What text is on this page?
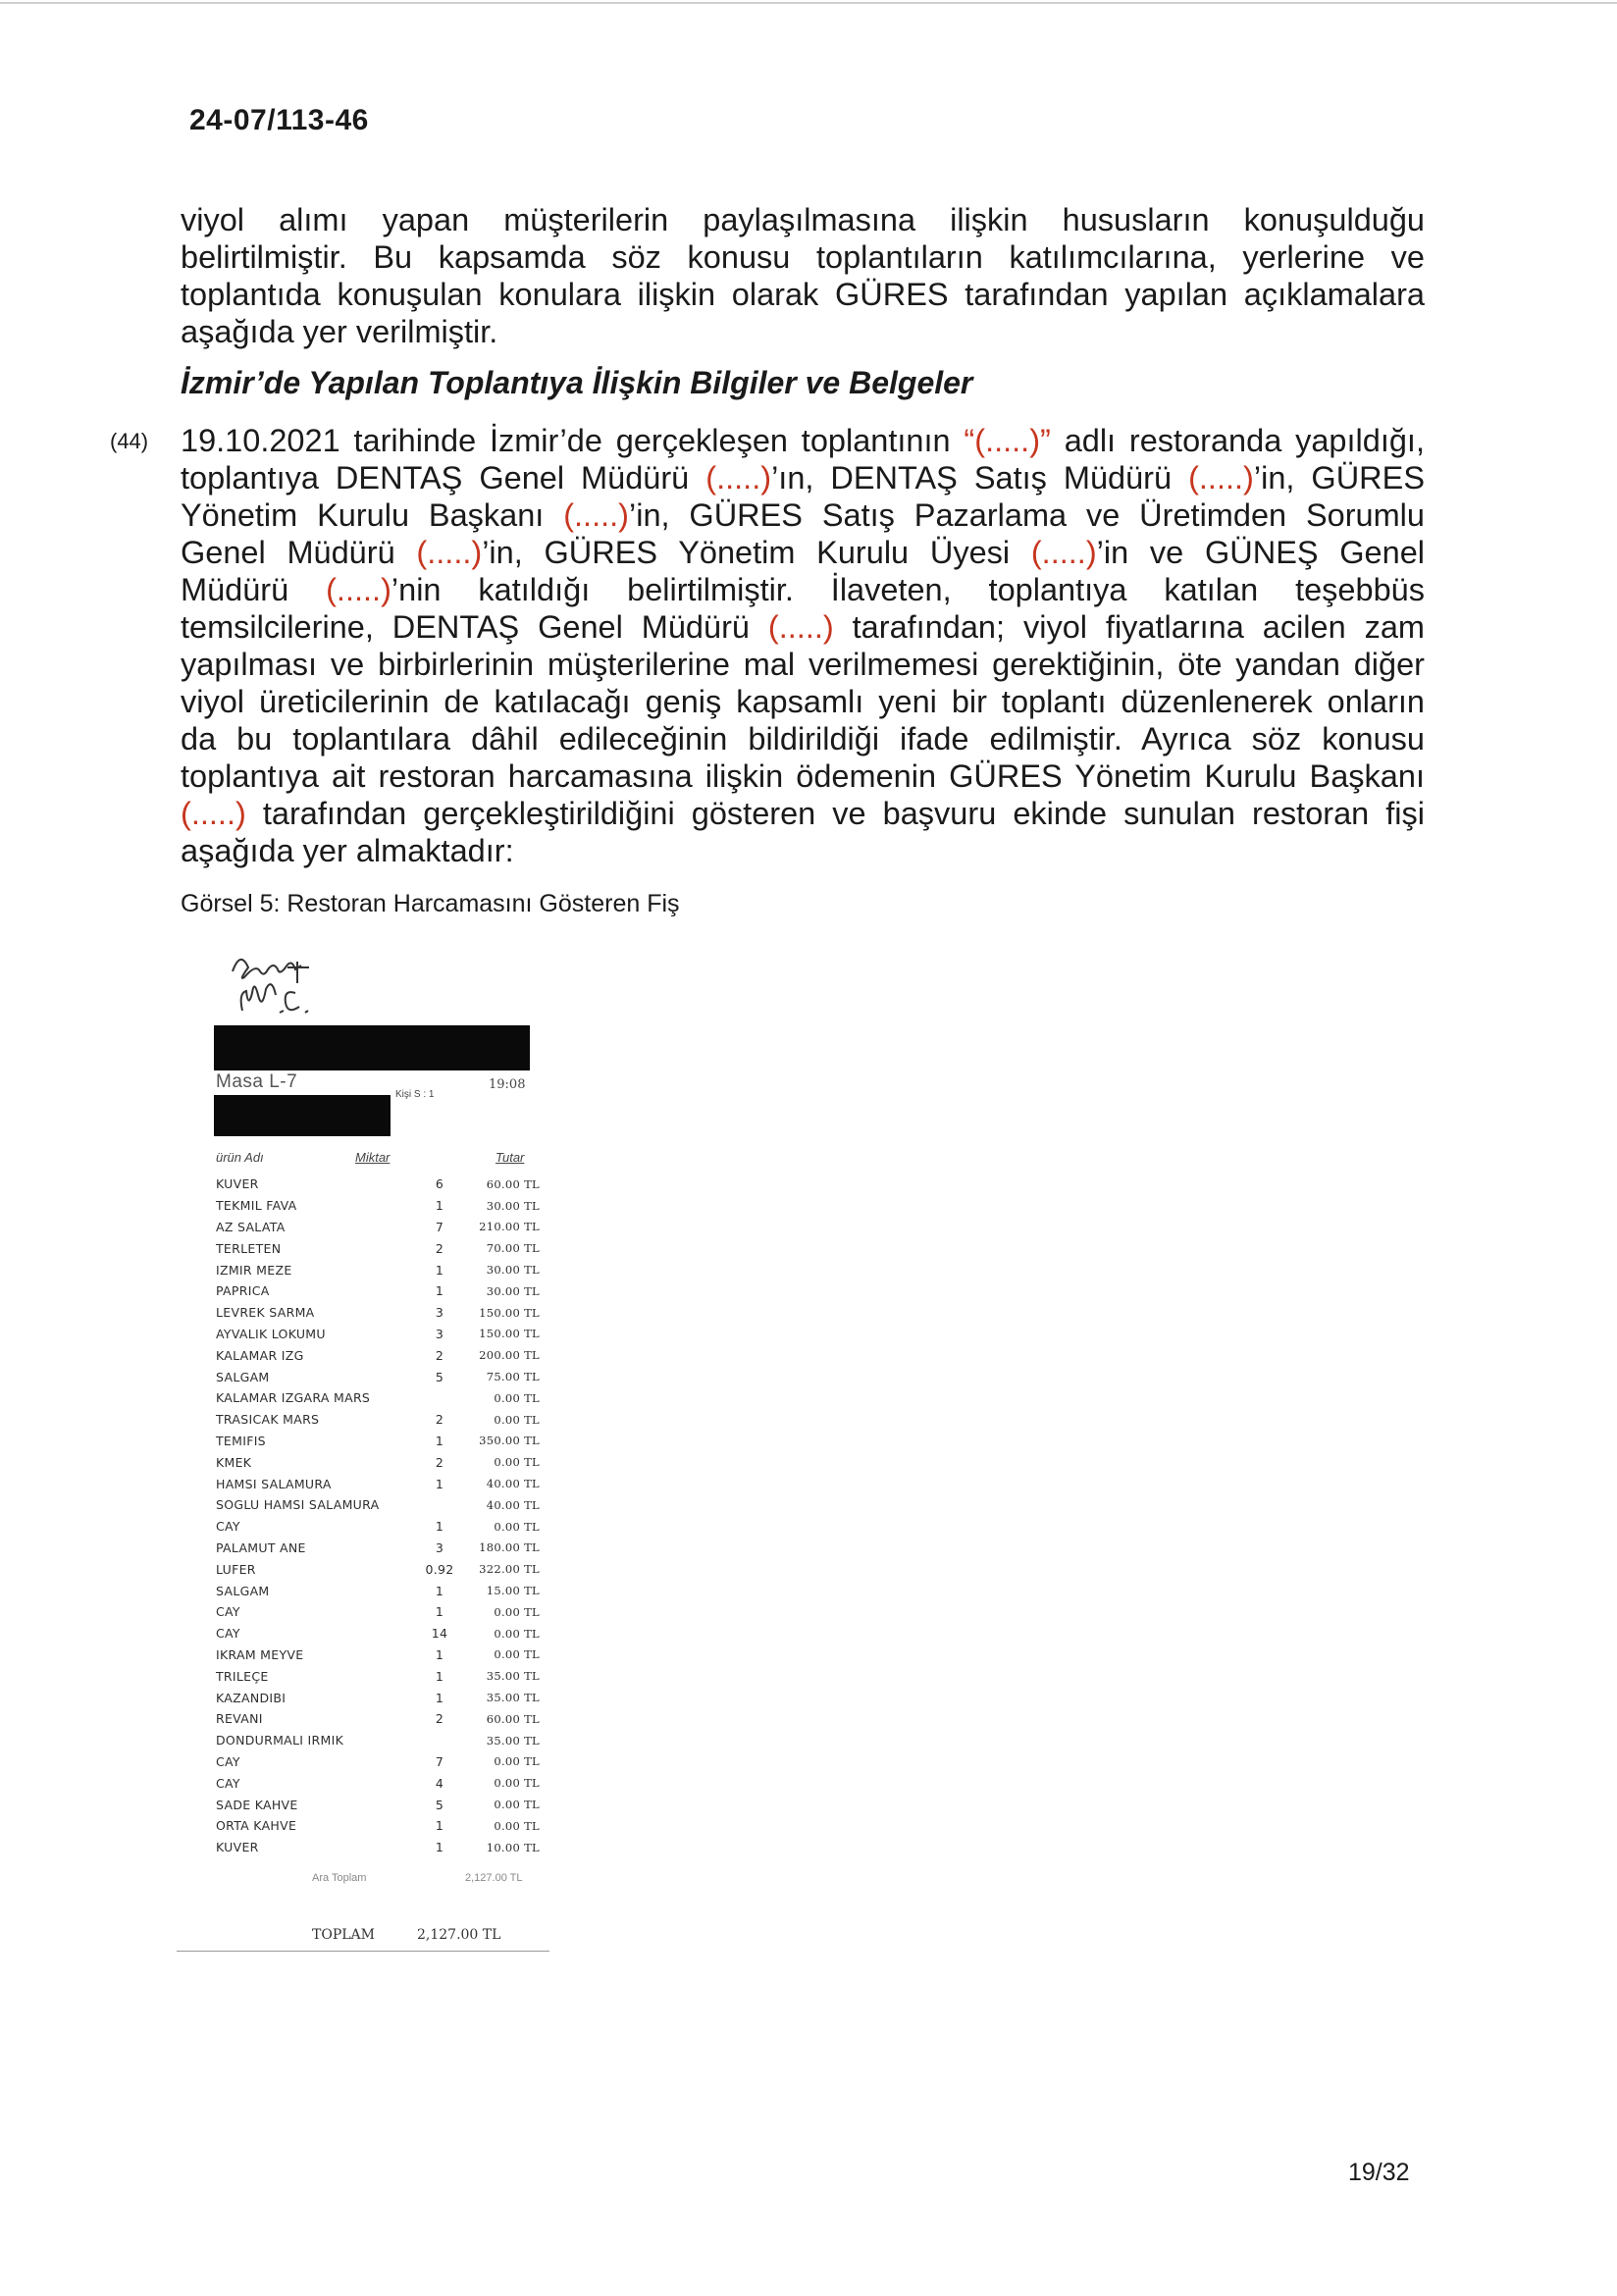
24-07/113-46
viyol alımı yapan müşterilerin paylaşılmasına ilişkin hususların konuşulduğu
belirtilmiştir. Bu kapsamda söz konusu toplantıların katılımcılarına, yerlerine ve
toplantıda konuşulan konulara ilişkin olarak GÜRES tarafından yapılan açıklamalara
aşağıda yer verilmiştir.
İzmir’de Yapılan Toplantıya İlişkin Bilgiler ve Belgeler
(44) 19.10.2021 tarihinde İzmir’de gerçekleşen toplantının “(.....)” adlı restoranda yapıldığı,
toplantıya DENTAŞ Genel Müdürü (.....)’ın, DENTAŞ Satış Müdürü (.....)’in, GÜRES
Yönetim Kurulu Başkanı (.....)’in, GÜRES Satış Pazarlama ve Üretimden Sorumlu
Genel Müdürü (.....)’in, GÜRES Yönetim Kurulu Üyesi (.....)’in ve GÜNEŞ Genel
Müdürü (.....)’nin katıldığı belirtilmiştir. İlaveten, toplantıya katılan teşebbüs
temsilcilerine, DENTAŞ Genel Müdürü (.....) tarafından; viyol fiyatlarına acilen zam
yapılması ve birbirlerinin müşterilerine mal verilmemesi gerektiğinin, öte yandan diğer
viyol üreticilerinin de katılacağı geniş kapsamlı yeni bir toplantı düzenlenerek onların
da bu toplantılara dâhil edileceğinin bildirildiği ifade edilmiştir. Ayrıca söz konusu
toplantıya ait restoran harcamasına ilişkin ödemenin GÜRES Yönetim Kurulu Başkanı
(.....) tarafından gerçekleştirildiğini gösteren ve başvuru ekinde sunulan restoran fişi
aşağıda yer almaktadır:
Görsel 5: Restoran Harcamasını Gösteren Fiş
Masa L-7	19:08
Kişi S : 1
ürün Adı	Miktar	Tutar
KUVER	6	60.00 TL
TEKMIL FAVA	1	30.00 TL
AZ SALATA	7	210.00 TL
TERLETEN	2	70.00 TL
IZMIR MEZE	1	30.00 TL
PAPRICA	1	30.00 TL
LEVREK SARMA	3	150.00 TL
AYVALIK LOKUMU	3	150.00 TL
KALAMAR IZG	2	200.00 TL
SALGAM	5	75.00 TL
KALAMAR IZGARA MARS		0.00 TL
TRASICAK MARS	2	0.00 TL
TEMIFIS	1	350.00 TL
KMEK	2	0.00 TL
HAMSI SALAMURA	1	40.00 TL
SOGLU HAMSI SALAMURA		40.00 TL
CAY	1	0.00 TL
PALAMUT ANE	3	180.00 TL
LUFER	0.92	322.00 TL
SALGAM	1	15.00 TL
CAY	1	0.00 TL
CAY	14	0.00 TL
IKRAM MEYVE	1	0.00 TL
TRILEÇE	1	35.00 TL
KAZANDIBI	1	35.00 TL
REVANI	2	60.00 TL
DONDURMALI IRMIK		35.00 TL
CAY	7	0.00 TL
CAY	4	0.00 TL
SADE KAHVE	5	0.00 TL
ORTA KAHVE	1	0.00 TL
KUVER	1	10.00 TL
Ara Toplam	2,127.00 TL
TOPLAM	2,127.00 TL
19/32
